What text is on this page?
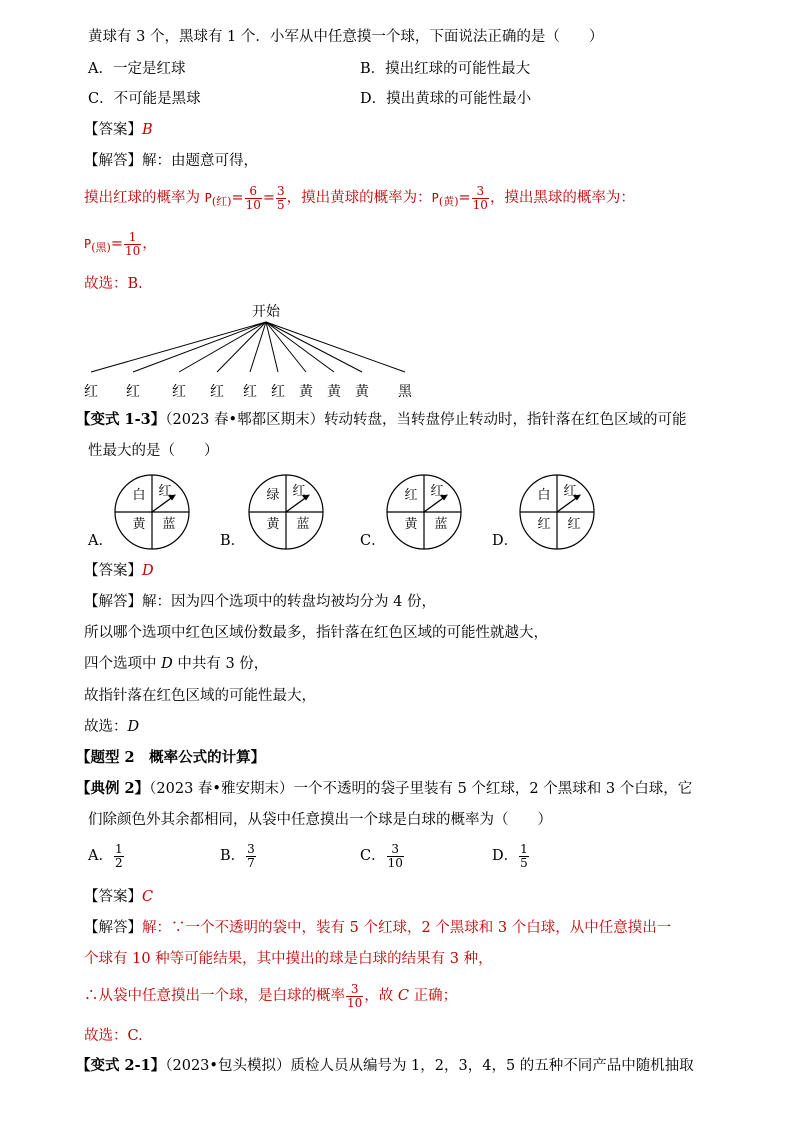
黄球有 3 个，黑球有 1 个．小军从中任意摸一个球，下面说法正确的是（　　）
A．一定是红球	B．摸出红球的可能性最大
C．不可能是黑球	D．摸出黄球的可能性最小
【答案】B
【解答】解：由题意可得，
摸出红球的概率为 $P_{(红)}= \frac{6}{10} = \frac{3}{5}$ ，摸出黄球的概率为：$P_{(黄)}= \frac{3}{10}$ ，摸出黑球的概率为：
$P_{(黑)}= \frac{1}{10}$ ，
故选：B.
开始
红 红 红 红 红 红 黄 黄 黄 黑
【变式 1-3】（2023 春•郫都区期末）转动转盘，当转盘停止转动时，指针落在红色区域的可能
性最大的是（　　）
A．
白 红
黄 蓝
B．
绿 红
黄 蓝
C．
红 红
黄 蓝
D．
白 红
红 红
【答案】D
【解答】解：因为四个选项中的转盘均被均分为 4 份，
所以哪个选项中红色区域份数最多，指针落在红色区域的可能性就越大，
四个选项中 D 中共有 3 份，
故指针落在红色区域的可能性最大，
故选：D
【题型 2　概率公式的计算】
【典例 2】（2023 春•雅安期末）一个不透明的袋子里装有 5 个红球，2 个黑球和 3 个白球，它
们除颜色外其余都相同，从袋中任意摸出一个球是白球的概率为（　　）
A． $\frac{1}{2}$	B． $\frac{3}{7}$	C． $\frac{3}{10}$	D． $\frac{1}{5}$
【答案】C
【解答】解：∵一个不透明的袋中，装有 5 个红球，2 个黑球和 3 个白球，从中任意摸出一
个球有 10 种等可能结果，其中摸出的球是白球的结果有 3 种，
∴从袋中任意摸出一个球，是白球的概率 $\frac{3}{10}$ ，故 C 正确；
故选：C.
【变式 2-1】（2023•包头模拟）质检人员从编号为 1，2，3，4，5 的五种不同产品中随机抽取
